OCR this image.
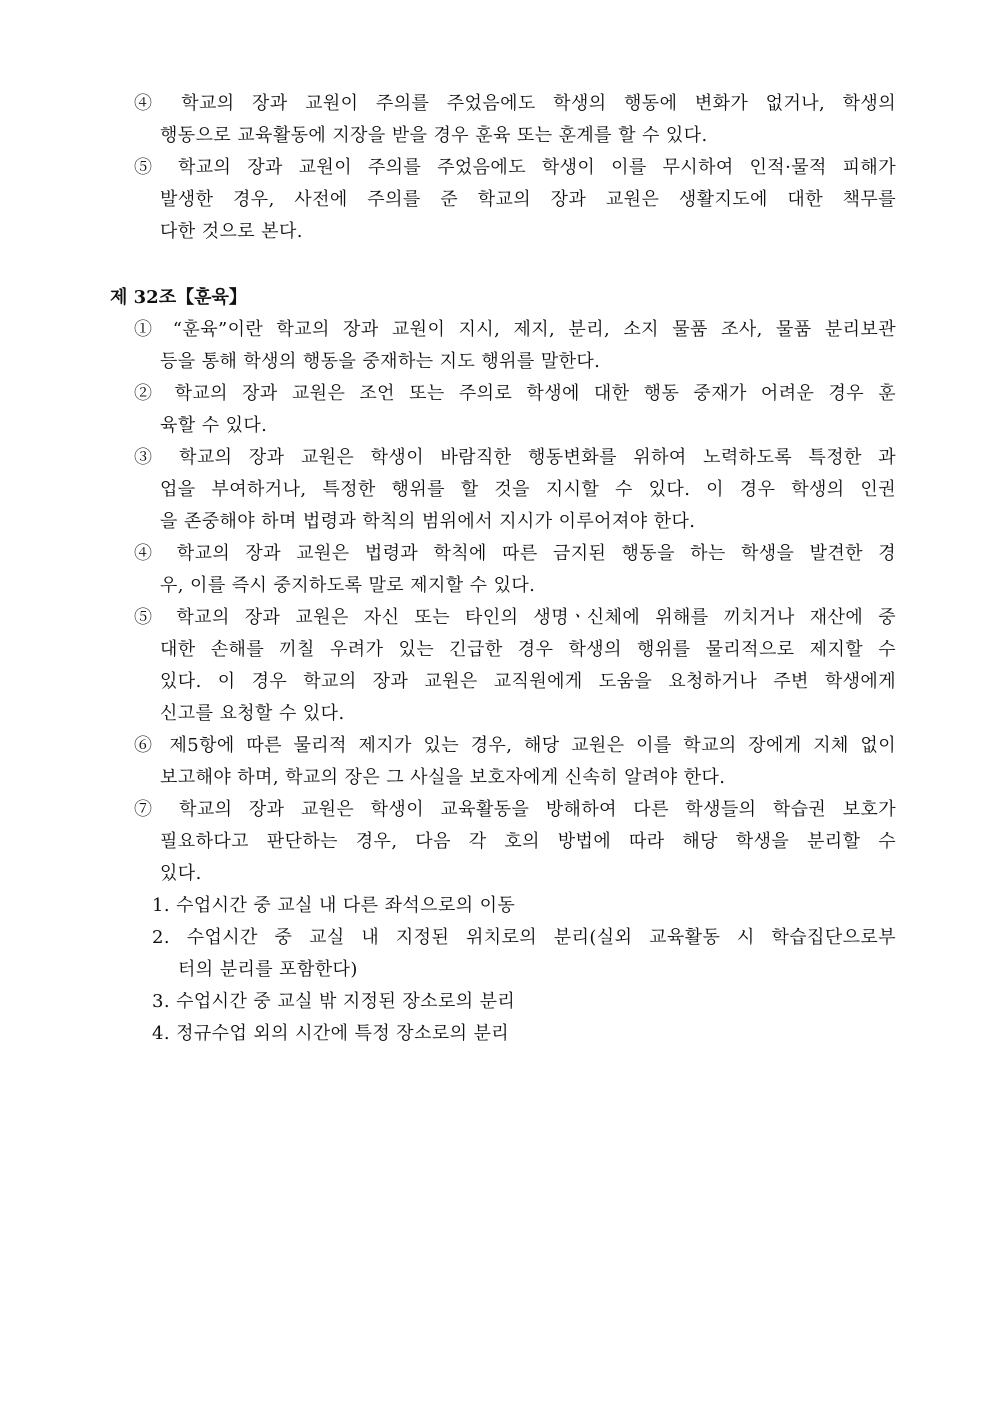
④ 학교의 장과 교원이 주의를 주었음에도 학생의 행동에 변화가 없거나, 학생의
행동으로 교육활동에 지장을 받을 경우 훈육 또는 훈계를 할 수 있다.
⑤ 학교의 장과 교원이 주의를 주었음에도 학생이 이를 무시하여 인적·물적 피해가
발생한 경우, 사전에 주의를 준 학교의 장과 교원은 생활지도에 대한 책무를
다한 것으로 본다.
제 32조【훈육】
① “훈육”이란 학교의 장과 교원이 지시, 제지, 분리, 소지 물품 조사, 물품 분리보관
등을 통해 학생의 행동을 중재하는 지도 행위를 말한다.
② 학교의 장과 교원은 조언 또는 주의로 학생에 대한 행동 중재가 어려운 경우 훈
육할 수 있다.
③ 학교의 장과 교원은 학생이 바람직한 행동변화를 위하여 노력하도록 특정한 과
업을 부여하거나, 특정한 행위를 할 것을 지시할 수 있다. 이 경우 학생의 인권
을 존중해야 하며 법령과 학칙의 범위에서 지시가 이루어져야 한다.
④ 학교의 장과 교원은 법령과 학칙에 따른 금지된 행동을 하는 학생을 발견한 경
우, 이를 즉시 중지하도록 말로 제지할 수 있다.
⑤ 학교의 장과 교원은 자신 또는 타인의 생명ㆍ신체에 위해를 끼치거나 재산에 중
대한 손해를 끼칠 우려가 있는 긴급한 경우 학생의 행위를 물리적으로 제지할 수
있다. 이 경우 학교의 장과 교원은 교직원에게 도움을 요청하거나 주변 학생에게
신고를 요청할 수 있다.
⑥ 제5항에 따른 물리적 제지가 있는 경우, 해당 교원은 이를 학교의 장에게 지체 없이
보고해야 하며, 학교의 장은 그 사실을 보호자에게 신속히 알려야 한다.
⑦ 학교의 장과 교원은 학생이 교육활동을 방해하여 다른 학생들의 학습권 보호가
필요하다고 판단하는 경우, 다음 각 호의 방법에 따라 해당 학생을 분리할 수
있다.
1. 수업시간 중 교실 내 다른 좌석으로의 이동
2. 수업시간 중 교실 내 지정된 위치로의 분리(실외 교육활동 시 학습집단으로부
터의 분리를 포함한다)
3. 수업시간 중 교실 밖 지정된 장소로의 분리
4. 정규수업 외의 시간에 특정 장소로의 분리
